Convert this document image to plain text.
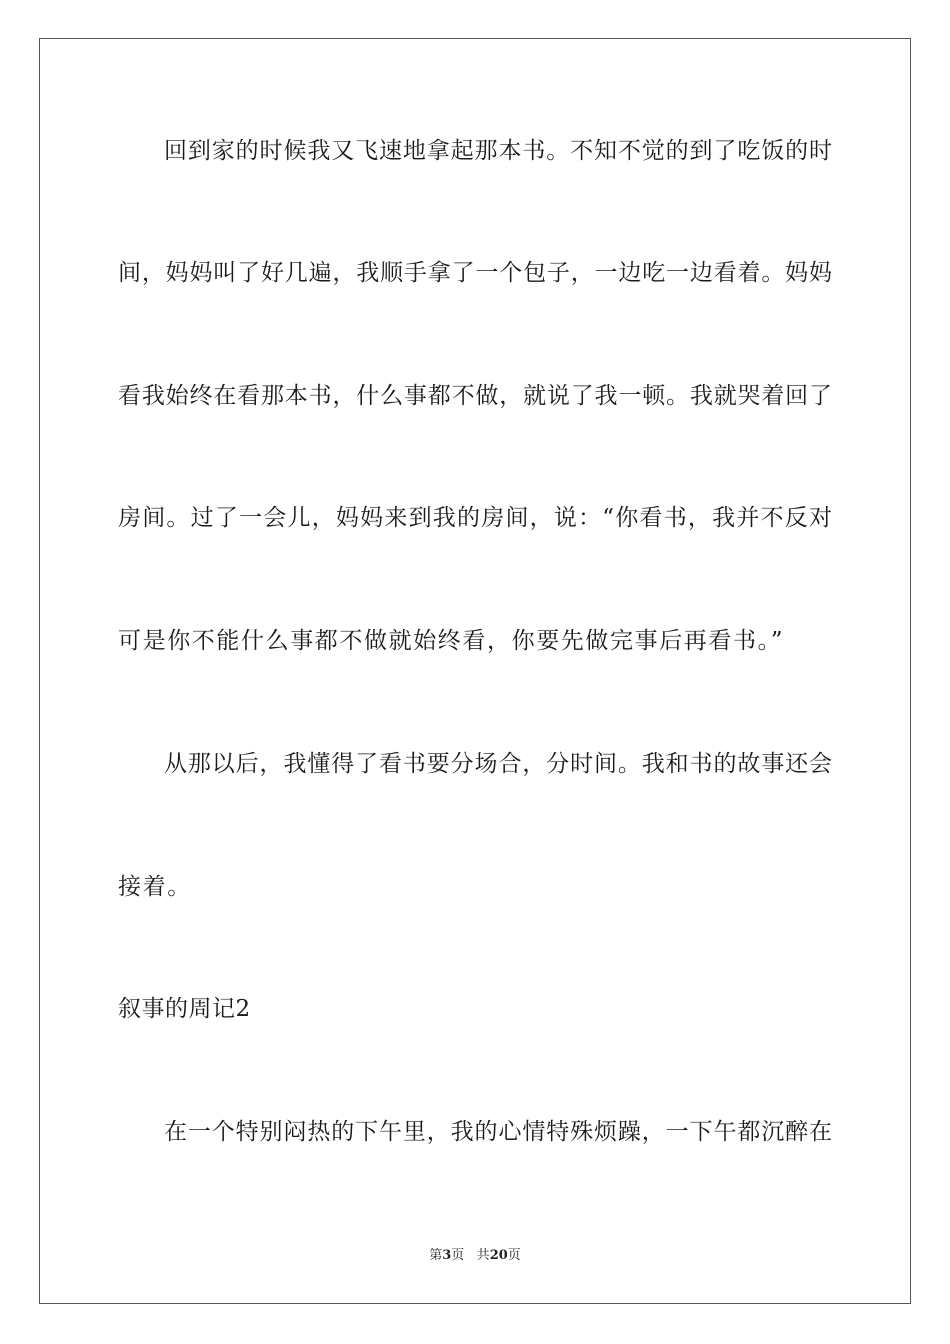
回到家的时候我又飞速地拿起那本书。不知不觉的到了吃饭的时
间，妈妈叫了好几遍，我顺手拿了一个包子，一边吃一边看着。妈妈
看我始终在看那本书，什么事都不做，就说了我一顿。我就哭着回了
房间。过了一会儿，妈妈来到我的房间，说：“你看书，我并不反对
可是你不能什么事都不做就始终看，你要先做完事后再看书。”
从那以后，我懂得了看书要分场合，分时间。我和书的故事还会
接着。
叙事的周记2
在一个特别闷热的下午里，我的心情特殊烦躁，一下午都沉醉在
第3页 共20页
